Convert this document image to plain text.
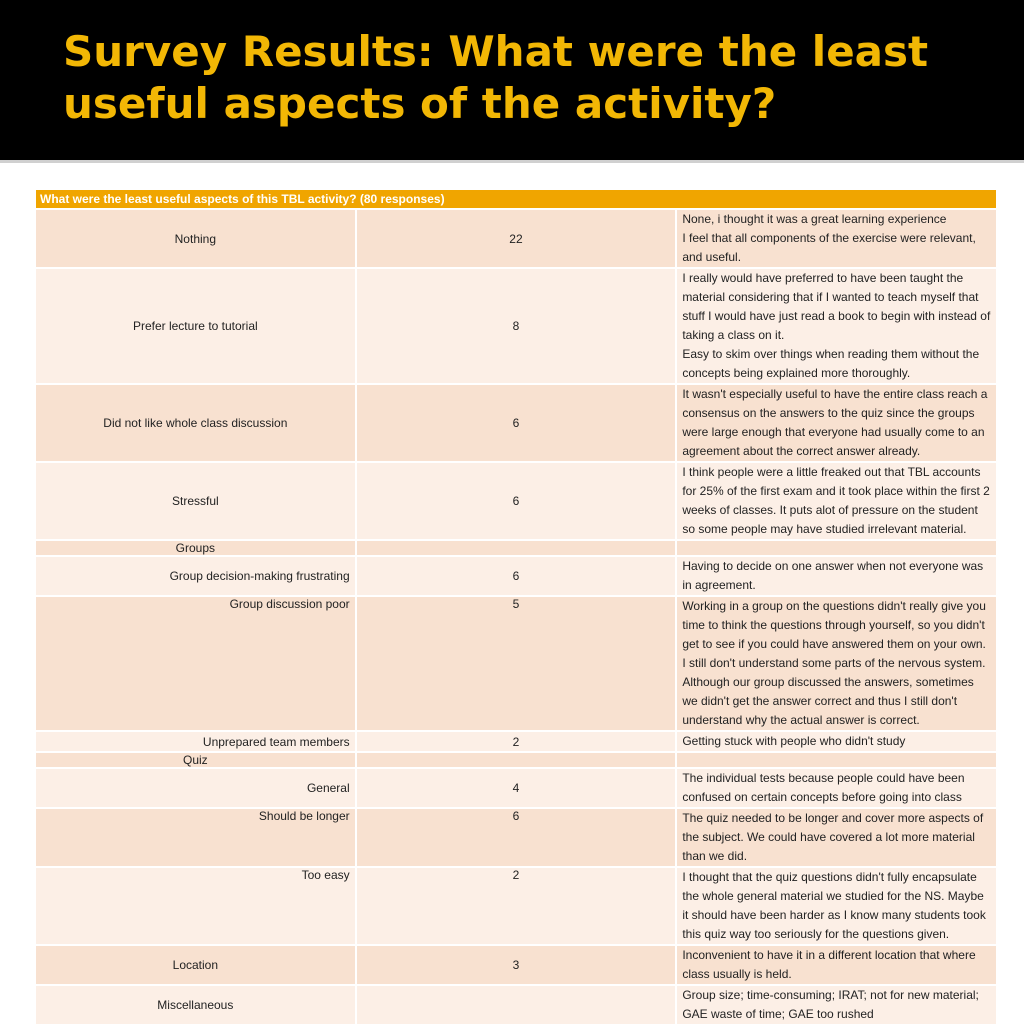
Survey Results: What were the least
useful aspects of the activity?
What were the least useful aspects of this TBL activity? (80 responses)		
Nothing	22	None, i thought it was a great learning experience
I feel that all components of the exercise were relevant, and useful.

Prefer lecture to tutorial	8	I really would have preferred to have been taught the material considering that if I wanted to teach myself that stuff I would have just read a book to begin with instead of taking a class on it.
Easy to skim over things when reading them without the concepts being explained more thoroughly.

Did not like whole class discussion	6	It wasn't especially useful to have the entire class reach a consensus on the answers to the quiz since the groups were large enough that everyone had usually come to an agreement about the correct answer already.

Stressful	6	I think people were a little freaked out that TBL accounts for 25% of the first exam and it took place within the first 2 weeks of classes. It puts alot of pressure on the student so some people may have studied irrelevant material.

Groups		
Group decision-making frustrating	6	Having to decide on one answer when not everyone was in agreement.

Group discussion poor	5	Working in a group on the questions didn't really give you time to think the questions through yourself, so you didn't get to see if you could have answered them on your own.
I still don't understand some parts of the nervous system. Although our group discussed the answers, sometimes we didn't get the answer correct and thus I still don't understand why the actual answer is correct.

Unprepared team members	2	Getting stuck with people who didn't study

Quiz		
General	4	The individual tests because people could have been confused on certain concepts before going into class

Should be longer	6	The quiz needed to be longer and cover more aspects of the subject. We could have covered a lot more material than we did.

Too easy	2	I thought that the quiz questions didn't fully encapsulate the whole general material we studied for the NS. Maybe it should have been harder as I know many students took this quiz way too seriously for the questions given.

Location	3	Inconvenient to have it in a different location that where class usually is held.

Miscellaneous		Group size; time-consuming; IRAT; not for new material; GAE waste of time; GAE too rushed
